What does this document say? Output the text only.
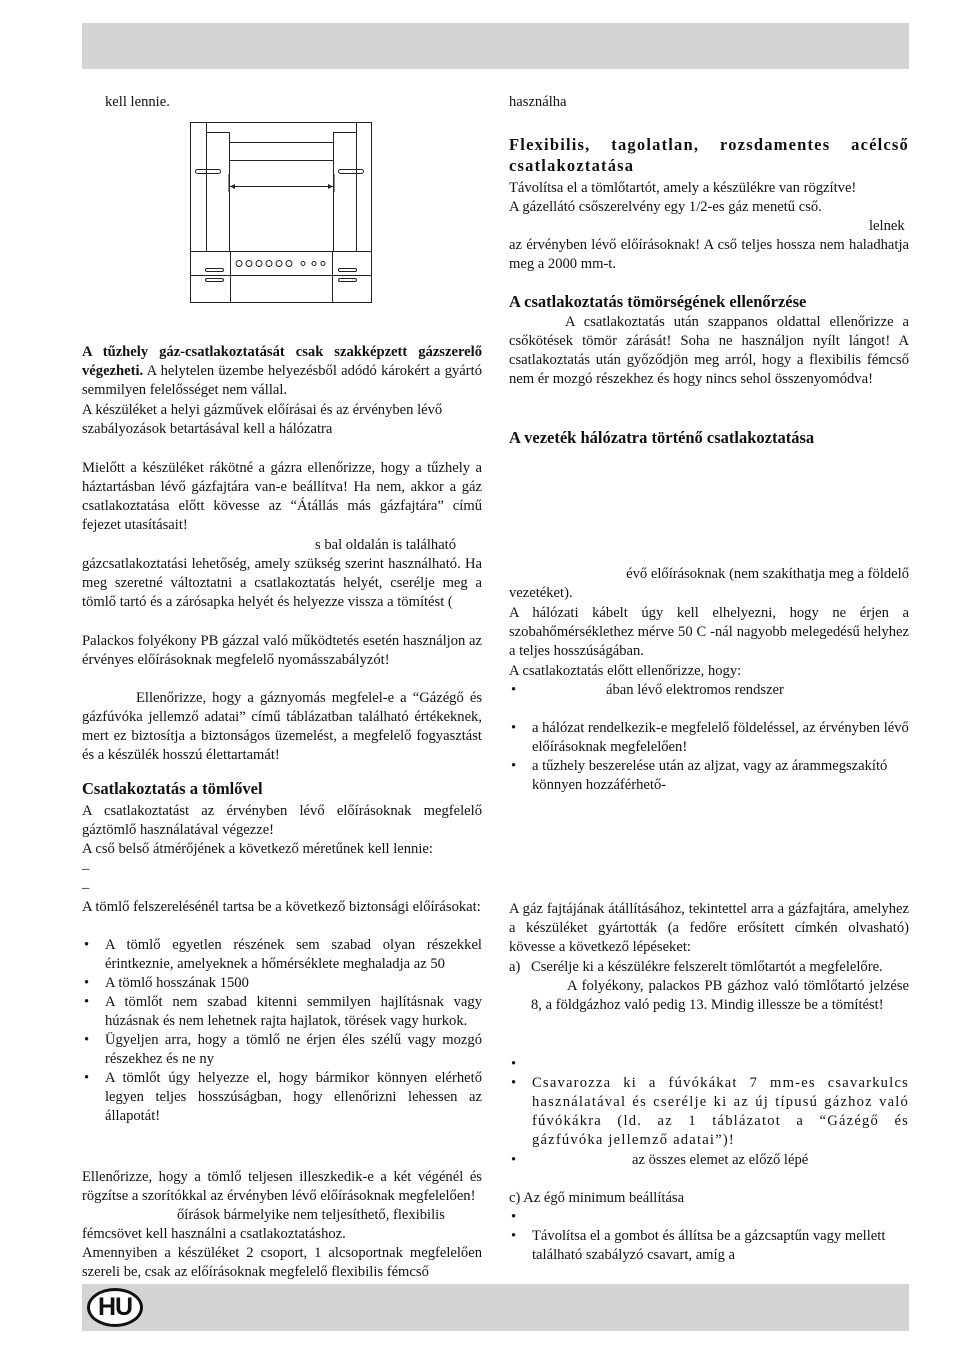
kell lennie.

A tűzhely gáz-csatlakoztatását csak szakképzett gázszerelő végezheti. A helytelen üzembe helyezésből adódó károkért a gyártó semmilyen felelősséget nem vállal.

A készüléket a helyi gázművek előírásai és az érvényben lévő szabályozások betartásával kell a hálózatra

Mielőtt a készüléket rákötné a gázra ellenőrizze, hogy a tűzhely a háztartásban lévő gázfajtára van-e beállítva! Ha nem, akkor a gáz csatlakoztatása előtt kövesse az “Átállás más gázfajtára” című fejezet utasításait!

s bal oldalán is található

gázcsatlakoztatási lehetőség, amely szükség szerint használható. Ha meg szeretné változtatni a csatlakoztatás helyét, cserélje meg a tömlő tartó és a zárósapka helyét és helyezze vissza a tömítést (

Palackos folyékony PB gázzal való működtetés esetén használjon az érvényes előírásoknak megfelelő nyomásszabályzót!

Ellenőrizze, hogy a gáznyomás megfelel-e a “Gázégő és gázfúvóka jellemző adatai” című táblázatban található értékeknek, mert ez biztosítja a biztonságos üzemelést, a megfelelő fogyasztást és a készülék hosszú élettartamát!

Csatlakoztatás a tömlővel

A csatlakoztatást az érvényben lévő előírásoknak megfelelő gáztömlő használatával végezze!

A cső belső átmérőjének a következő méretűnek kell lennie:

–

–

A tömlő felszerelésénél tartsa be a következő biztonsági előírásokat:

• A tömlő egyetlen részének sem szabad olyan részekkel érintkeznie, amelyeknek a hőmérséklete meghaladja az 50
• A tömlő hosszának 1500
• A tömlőt nem szabad kitenni semmilyen hajlításnak vagy húzásnak és nem lehetnek rajta hajlatok, törések vagy hurkok.
• Ügyeljen arra, hogy a tömlő ne érjen éles szélű vagy mozgó részekhez és ne ny
• A tömlőt úgy helyezze el, hogy bármikor könnyen elérhető legyen teljes hosszúságban, hogy ellenőrizni lehessen az állapotát!

Ellenőrizze, hogy a tömlő teljesen illeszkedik-e a két végénél és rögzítse a szorítókkal az érvényben lévő előírásoknak megfelelően!

őírások bármelyike nem teljesíthető, flexibilis

fémcsövet kell használni a csatlakoztatáshoz.

Amennyiben a készüléket 2 csoport, 1 alcsoportnak megfelelően szereli be, csak az előírásoknak megfelelő flexibilis fémcső

használha

Flexibilis, tagolatlan, rozsdamentes acélcső csatlakoztatása

Távolítsa el a tömlőtartót, amely a készülékre van rögzítve!

A gázellátó csőszerelvény egy 1/2-es gáz menetű cső.

lelnek

az érvényben lévő előírásoknak! A cső teljes hossza nem haladhatja meg a 2000 mm-t.

A csatlakoztatás tömörségének ellenőrzése

A csatlakoztatás után szappanos oldattal ellenőrizze a csőkötések tömör zárását! Soha ne használjon nyílt lángot! A csatlakoztatás után győződjön meg arról, hogy a flexibilis fémcső nem ér mozgó részekhez és hogy nincs sehol összenyomódva!

A vezeték hálózatra történő csatlakoztatása

évő előírásoknak (nem szakíthatja meg a földelő

vezetéket).

A hálózati kábelt úgy kell elhelyezni, hogy ne érjen a szobahőmérséklethez mérve 50 C -nál nagyobb melegedésű helyhez a teljes hosszúságában.

A csatlakoztatás előtt ellenőrizze, hogy:

•	ában lévő elektromos rendszer

• a hálózat rendelkezik-e megfelelő földeléssel, az érvényben lévő előírásoknak megfelelően!
• a tűzhely beszerelése után az aljzat, vagy az árammegszakító könnyen hozzáférhető-

A gáz fajtájának átállításához, tekintettel arra a gázfajtára, amelyhez a készüléket gyártották (a fedőre erősített címkén olvasható) kövesse a következő lépéseket:

a) Cserélje ki a készülékre felszerelt tömlőtartót a megfelelőre.

A folyékony, palackos PB gázhoz való tömlőtartó jelzése 8, a földgázhoz való pedig 13. Mindig illessze be a tömítést!

•
• Csavarozza ki a fúvókákat 7 mm-es csavarkulcs használatával és cserélje ki az új típusú gázhoz való fúvókákra (ld. az 1 táblázatot a “Gázégő és gázfúvóka jellemző adatai”)!
•	az összes elemet az előző lépé

c) Az égő minimum beállítása

•
• Távolítsa el a gombot és állítsa be a gázcsaptűn vagy mellett található szabályzó csavart, amíg a
HU
